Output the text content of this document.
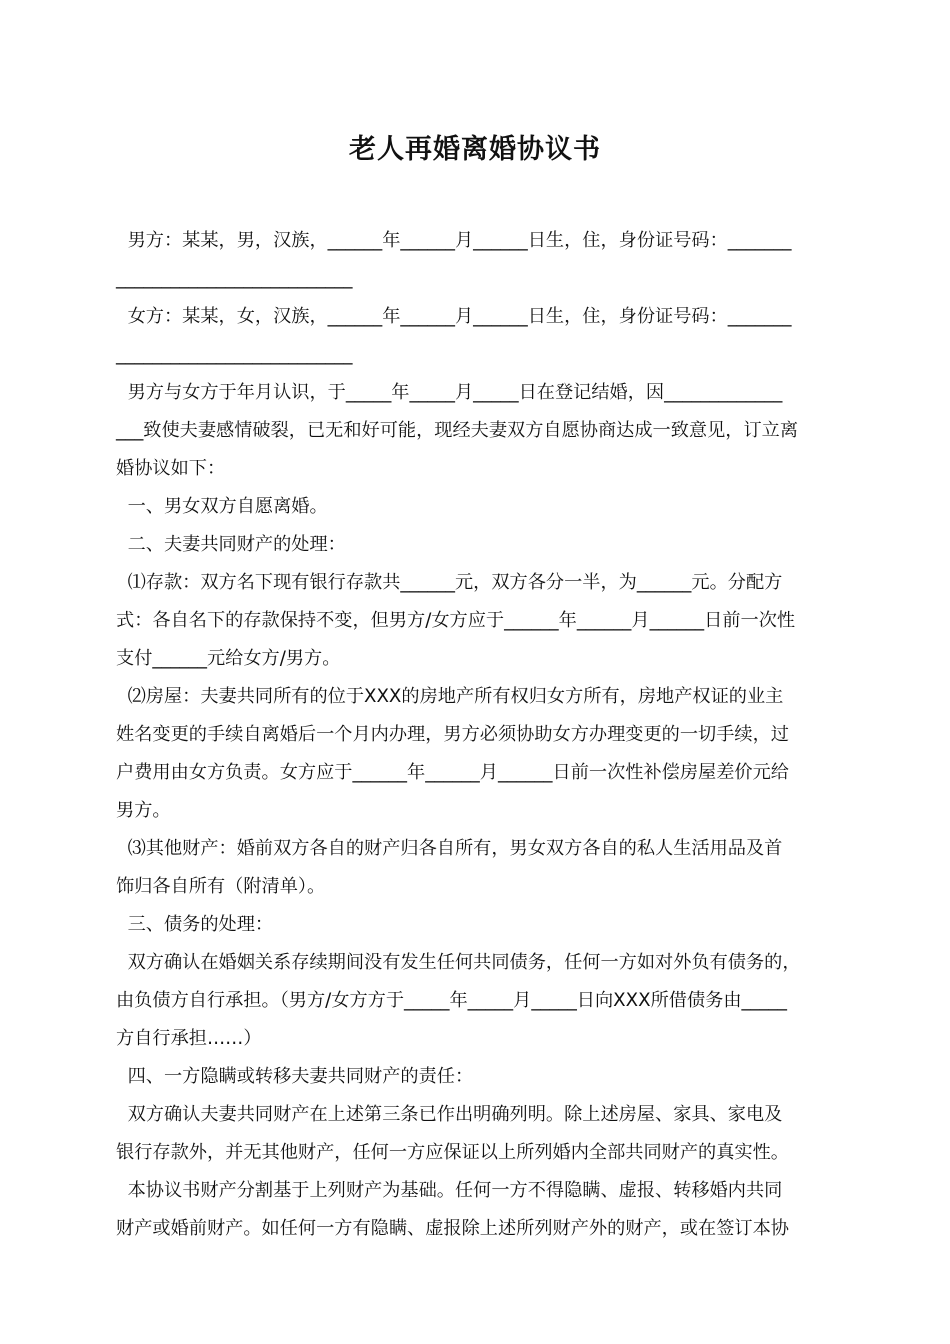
老人再婚离婚协议书
男方：某某，男，汉族，______年______月______日生，住，身份证号码：_______
__________________________
女方：某某，女，汉族，______年______月______日生，住，身份证号码：_______
__________________________
男方与女方于年月认识，于_____年_____月_____日在登记结婚，因_____________
___致使夫妻感情破裂，已无和好可能，现经夫妻双方自愿协商达成一致意见，订立离
婚协议如下：
一、男女双方自愿离婚。
二、夫妻共同财产的处理：
⑴存款：双方名下现有银行存款共______元，双方各分一半，为______元。分配方
式：各自名下的存款保持不变，但男方/女方应于______年______月______日前一次性
支付______元给女方/男方。
⑵房屋：夫妻共同所有的位于XXX的房地产所有权归女方所有，房地产权证的业主
姓名变更的手续自离婚后一个月内办理，男方必须协助女方办理变更的一切手续，过
户费用由女方负责。女方应于______年______月______日前一次性补偿房屋差价元给
男方。
⑶其他财产：婚前双方各自的财产归各自所有，男女双方各自的私人生活用品及首
饰归各自所有（附清单）。
三、债务的处理：
双方确认在婚姻关系存续期间没有发生任何共同债务，任何一方如对外负有债务的，
由负债方自行承担。（男方/女方方于_____年_____月_____日向XXX所借债务由_____
方自行承担……）
四、一方隐瞒或转移夫妻共同财产的责任：
双方确认夫妻共同财产在上述第三条已作出明确列明。除上述房屋、家具、家电及
银行存款外，并无其他财产，任何一方应保证以上所列婚内全部共同财产的真实性。
本协议书财产分割基于上列财产为基础。任何一方不得隐瞒、虚报、转移婚内共同
财产或婚前财产。如任何一方有隐瞒、虚报除上述所列财产外的财产，或在签订本协
